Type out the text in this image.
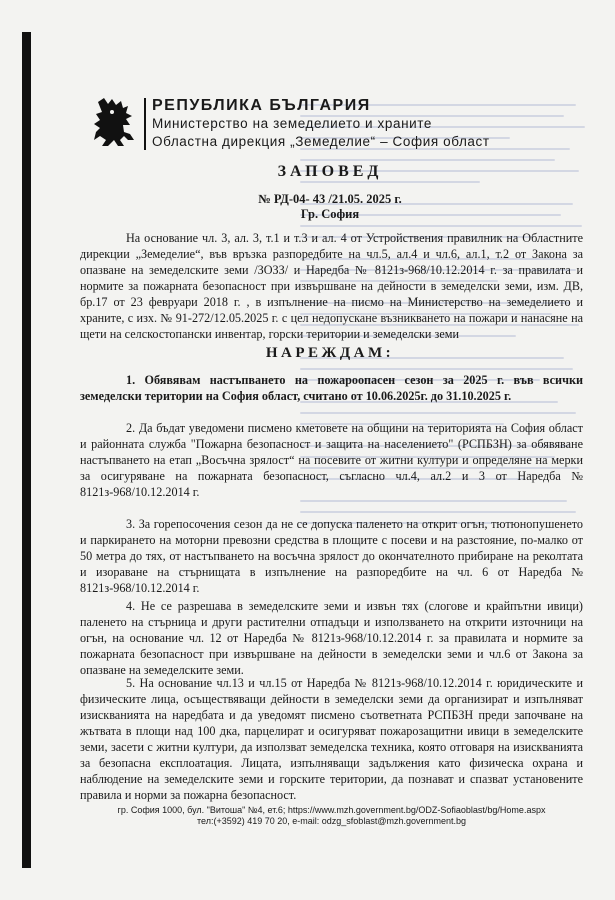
РЕПУБЛИКА БЪЛГАРИЯ
Министерство на земеделието и храните
Областна дирекция „Земеделие“ – София област
ЗАПОВЕД
№ РД-04- 43 /21.05. 2025 г.
Гр. София
На основание чл. 3, ал. 3, т.1 и т.3 и ал. 4 от Устройствения правилник на Областните дирекции „Земеделие“, във връзка разпоредбите на чл.5, ал.4 и чл.6, ал.1, т.2 от Закона за опазване на земеделските земи /ЗОЗЗ/ и Наредба № 8121з-968/10.12.2014 г. за правилата и нормите за пожарната безопасност при извършване на дейности в земеделски земи, изм. ДВ, бр.17 от 23 февруари 2018 г. , в изпълнение на писмо на Министерство на земеделието и храните, с изх. № 91-272/12.05.2025 г. с цел недопускане възникването на пожари и нанасяне на щети на селскостопански инвентар, горски територии и земеделски земи
НАРЕЖДАМ:
1. Обявявам настъпването на пожароопасен сезон за 2025 г. във всички земеделски територии на София област, считано от 10.06.2025г. до 31.10.2025 г.
2. Да бъдат уведомени писмено кметовете на общини на територията на София област и районната служба "Пожарна безопасност и защита на населението" (РСПБЗН) за обявяване настъпването на етап „Восъчна зрялост“ на посевите от житни култури и определяне на мерки за осигуряване на пожарната безопасност, съгласно чл.4, ал.2 и 3 от Наредба № 8121з-968/10.12.2014 г.
3. За горепосочения сезон да не се допуска паленето на открит огън, тютюнопушенето и паркирането на моторни превозни средства в площите с посеви и на разстояние, по-малко от 50 метра до тях, от настъпването на восъчна зрялост до окончателното прибиране на реколтата и изораване на стърнищата в изпълнение на разпоредбите на чл. 6 от Наредба № 8121з-968/10.12.2014 г.
4. Не се разрешава в земеделските земи и извън тях (слогове и крайпътни ивици) паленето на стърница и други растителни отпадъци и използването на открити източници на огън, на основание чл. 12 от Наредба № 8121з-968/10.12.2014 г. за правилата и нормите за пожарната безопасност при извършване на дейности в земеделски земи и чл.6 от Закона за опазване на земеделските земи.
5. На основание чл.13 и чл.15 от Наредба № 8121з-968/10.12.2014 г. юридическите и физическите лица, осъществяващи дейности в земеделски земи да организират и изпълняват изискванията на наредбата и да уведомят писмено съответната РСПБЗН преди започване на жътвата в площи над 100 дка, парцелират и осигуряват пожарозащитни ивици в земеделските земи, засети с житни култури, да използват земеделска техника, която отговаря на изискванията за безопасна експлоатация. Лицата, изпълняващи задължения като физическа охрана и наблюдение на земеделските земи и горските територии, да познават и спазват установените правила и норми за пожарна безопасност.
гр. София 1000, бул. "Витоша" №4, ет.6; https://www.mzh.government.bg/ODZ-Sofiaoblast/bg/Home.aspx
тел:(+3592) 419 70 20, e-mail: odzg_sfoblast@mzh.government.bg
